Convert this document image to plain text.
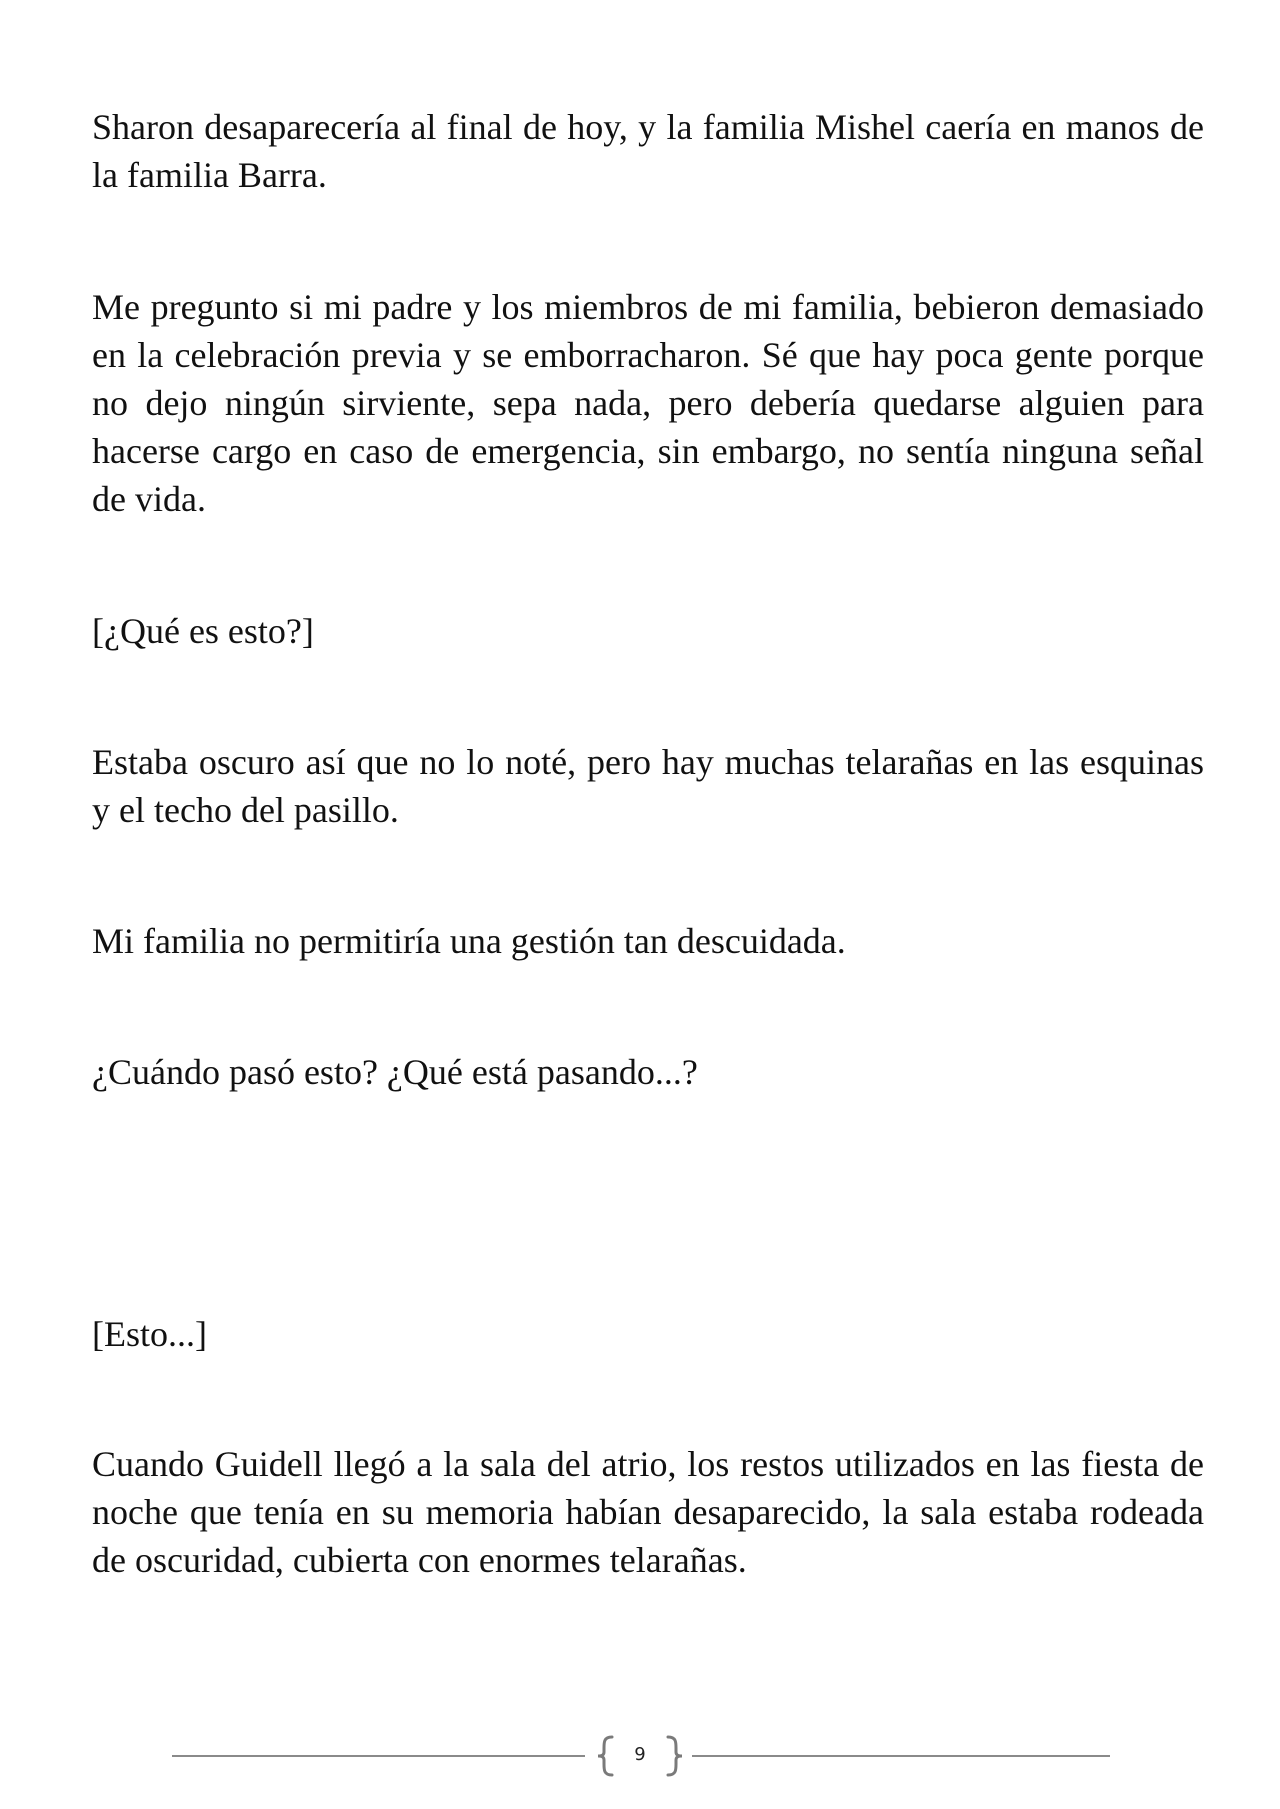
Sharon desaparecería al final de hoy, y la familia Mishel caería en manos de la familia Barra.

Me pregunto si mi padre y los miembros de mi familia, bebieron demasiado en la celebración previa y se emborracharon. Sé que hay poca gente porque no dejo ningún sirviente, sepa nada, pero debería quedarse alguien para hacerse cargo en caso de emergencia, sin embargo, no sentía ninguna señal de vida.

[¿Qué es esto?]

Estaba oscuro así que no lo noté, pero hay muchas telarañas en las esquinas y el techo del pasillo.

Mi familia no permitiría una gestión tan descuidada.

¿Cuándo pasó esto? ¿Qué está pasando...?

[Esto...]

Cuando Guidell llegó a la sala del atrio, los restos utilizados en las fiesta de noche que tenía en su memoria habían desaparecido, la sala estaba rodeada de oscuridad, cubierta con enormes telarañas.

9
